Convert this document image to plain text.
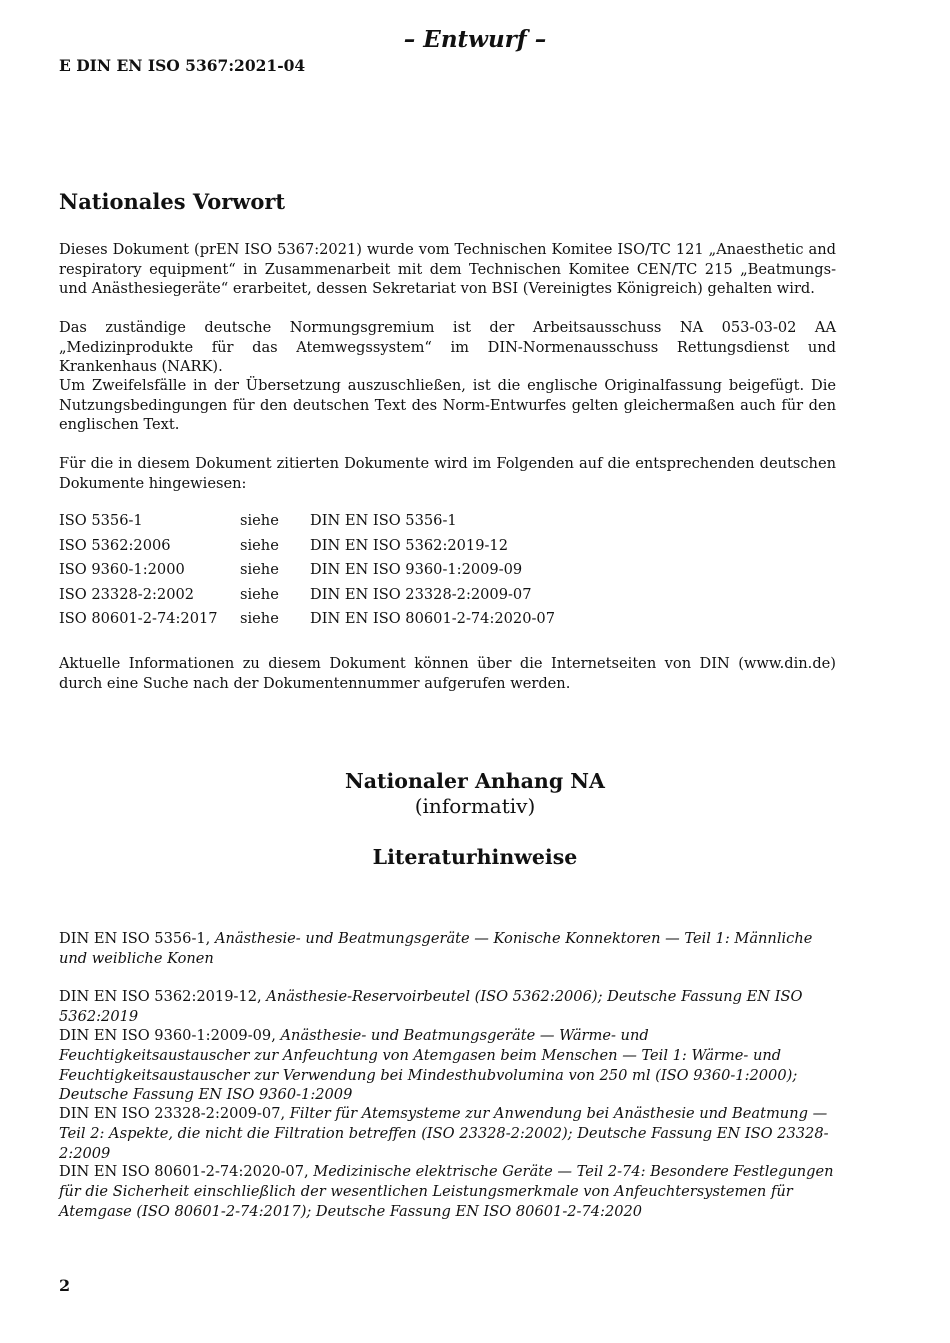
– Entwurf –
E DIN EN ISO 5367:2021-04
Nationales Vorwort

Dieses Dokument (prEN ISO 5367:2021) wurde vom Technischen Komitee ISO/TC 121 „Anaesthetic and respiratory equipment“ in Zusammenarbeit mit dem Technischen Komitee CEN/TC 215 „Beatmungs- und Anästhesiegeräte“ erarbeitet, dessen Sekretariat von BSI (Vereinigtes Königreich) gehalten wird.

Das zuständige deutsche Normungsgremium ist der Arbeitsausschuss NA 053-03-02 AA „Medizinprodukte für das Atemwegssystem“ im DIN-Normenausschuss Rettungsdienst und Krankenhaus (NARK).

Um Zweifelsfälle in der Übersetzung auszuschließen, ist die englische Originalfassung beigefügt. Die Nutzungsbedingungen für den deutschen Text des Norm-Entwurfes gelten gleichermaßen auch für den englischen Text.

Für die in diesem Dokument zitierten Dokumente wird im Folgenden auf die entsprechenden deutschen Dokumente hingewiesen:

ISO 5356-1	siehe	DIN EN ISO 5356-1
ISO 5362:2006	siehe	DIN EN ISO 5362:2019-12
ISO 9360-1:2000	siehe	DIN EN ISO 9360-1:2009-09
ISO 23328-2:2002	siehe	DIN EN ISO 23328-2:2009-07
ISO 80601-2-74:2017	siehe	DIN EN ISO 80601-2-74:2020-07

Aktuelle Informationen zu diesem Dokument können über die Internetseiten von DIN (www.din.de) durch eine Suche nach der Dokumentennummer aufgerufen werden.

Nationaler Anhang NA
(informativ)
Literaturhinweise

DIN EN ISO 5356-1, Anästhesie- und Beatmungsgeräte — Konische Konnektoren — Teil 1: Männliche und weibliche Konen

DIN EN ISO 5362:2019-12, Anästhesie-Reservoirbeutel (ISO 5362:2006); Deutsche Fassung EN ISO 5362:2019

DIN EN ISO 9360-1:2009-09, Anästhesie- und Beatmungsgeräte — Wärme- und Feuchtigkeitsaustauscher zur Anfeuchtung von Atemgasen beim Menschen — Teil 1: Wärme- und Feuchtigkeitsaustauscher zur Verwendung bei Mindesthubvolumina von 250 ml (ISO 9360-1:2000); Deutsche Fassung EN ISO 9360-1:2009

DIN EN ISO 23328-2:2009-07, Filter für Atemsysteme zur Anwendung bei Anästhesie und Beatmung — Teil 2: Aspekte, die nicht die Filtration betreffen (ISO 23328-2:2002); Deutsche Fassung EN ISO 23328-2:2009

DIN EN ISO 80601-2-74:2020-07, Medizinische elektrische Geräte — Teil 2-74: Besondere Festlegungen für die Sicherheit einschließlich der wesentlichen Leistungsmerkmale von Anfeuchtersystemen für Atemgase (ISO 80601-2-74:2017); Deutsche Fassung EN ISO 80601-2-74:2020

2
